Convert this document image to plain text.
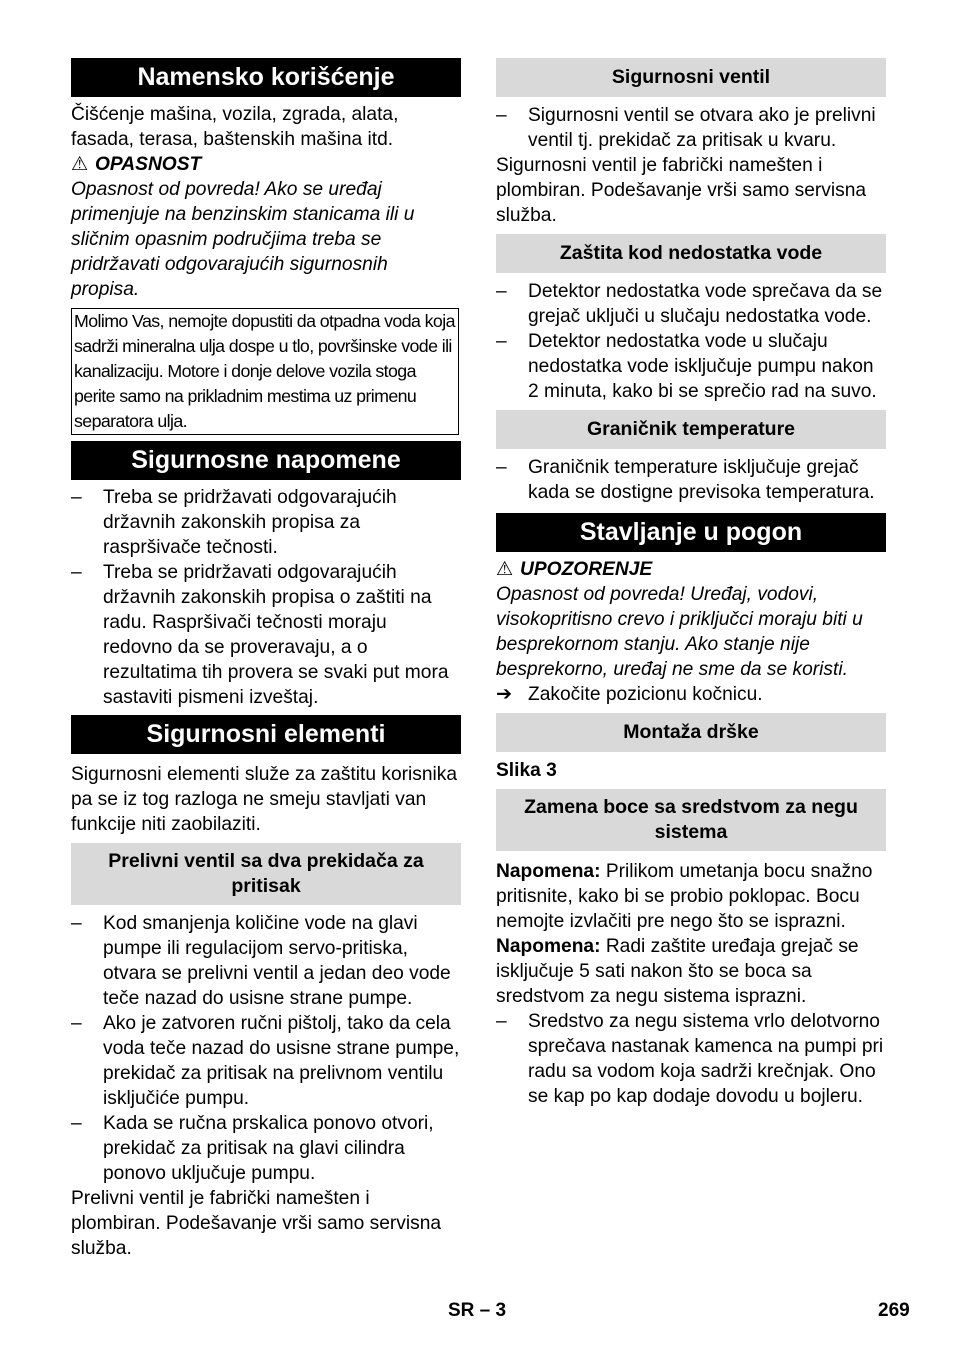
Namensko korišćenje

Čišćenje mašina, vozila, zgrada, alata, fasada, terasa, baštenskih mašina itd.

⚠ OPASNOST

Opasnost od povreda! Ako se uređaj primenjuje na benzinskim stanicama ili u sličnim opasnim područjima treba se pridržavati odgovarajućih sigurnosnih propisa.

Molimo Vas, nemojte dopustiti da otpadna voda koja sadrži mineralna ulja dospe u tlo, površinske vode ili kanalizaciju. Motore i donje delove vozila stoga perite samo na prikladnim mestima uz primenu separatora ulja.
Sigurnosne napomene
–	Treba se pridržavati odgovarajućih državnih zakonskih propisa za raspršivače tečnosti.
–	Treba se pridržavati odgovarajućih državnih zakonskih propisa o zaštiti na radu. Raspršivači tečnosti moraju redovno da se proveravaju, a o rezultatima tih provera se svaki put mora sastaviti pismeni izveštaj.
Sigurnosni elementi

Sigurnosni elementi služe za zaštitu korisnika pa se iz tog razloga ne smeju stavljati van funkcije niti zaobilaziti.

Prelivni ventil sa dva prekidača za pritisak
–	Kod smanjenja količine vode na glavi pumpe ili regulacijom servo-pritiska, otvara se prelivni ventil a jedan deo vode teče nazad do usisne strane pumpe.
–	Ako je zatvoren ručni pištolj, tako da cela voda teče nazad do usisne strane pumpe, prekidač za pritisak na prelivnom ventilu isključiće pumpu.
–	Kada se ručna prskalica ponovo otvori, prekidač za pritisak na glavi cilindra ponovo uključuje pumpu.

Prelivni ventil je fabrički namešten i plombiran. Podešavanje vrši samo servisna služba.

Sigurnosni ventil
–	Sigurnosni ventil se otvara ako je prelivni ventil tj. prekidač za pritisak u kvaru.

Sigurnosni ventil je fabrički namešten i plombiran. Podešavanje vrši samo servisna služba.

Zaštita kod nedostatka vode
–	Detektor nedostatka vode sprečava da se grejač uključi u slučaju nedostatka vode.
–	Detektor nedostatka vode u slučaju nedostatka vode isključuje pumpu nakon 2 minuta, kako bi se sprečio rad na suvo.
Graničnik temperature
–	Graničnik temperature isključuje grejač kada se dostigne previsoka temperatura.
Stavljanje u pogon

⚠ UPOZORENJE

Opasnost od povreda! Uređaj, vodovi, visokopritisno crevo i priključci moraju biti u besprekornom stanju. Ako stanje nije besprekorno, uređaj ne sme da se koristi.

➔ Zakočite pozicionu kočnicu.
Montaža drške

Slika 3

Zamena boce sa sredstvom za negu sistema

Napomena: Prilikom umetanja bocu snažno pritisnite, kako bi se probio poklopac. Bocu nemojte izvlačiti pre nego što se isprazni.

Napomena: Radi zaštite uređaja grejač se isključuje 5 sati nakon što se boca sa sredstvom za negu sistema isprazni.

–	Sredstvo za negu sistema vrlo delotvorno sprečava nastanak kamenca na pumpi pri radu sa vodom koja sadrži krečnjak. Ono se kap po kap dodaje dovodu u bojleru.
SR – 3	269
